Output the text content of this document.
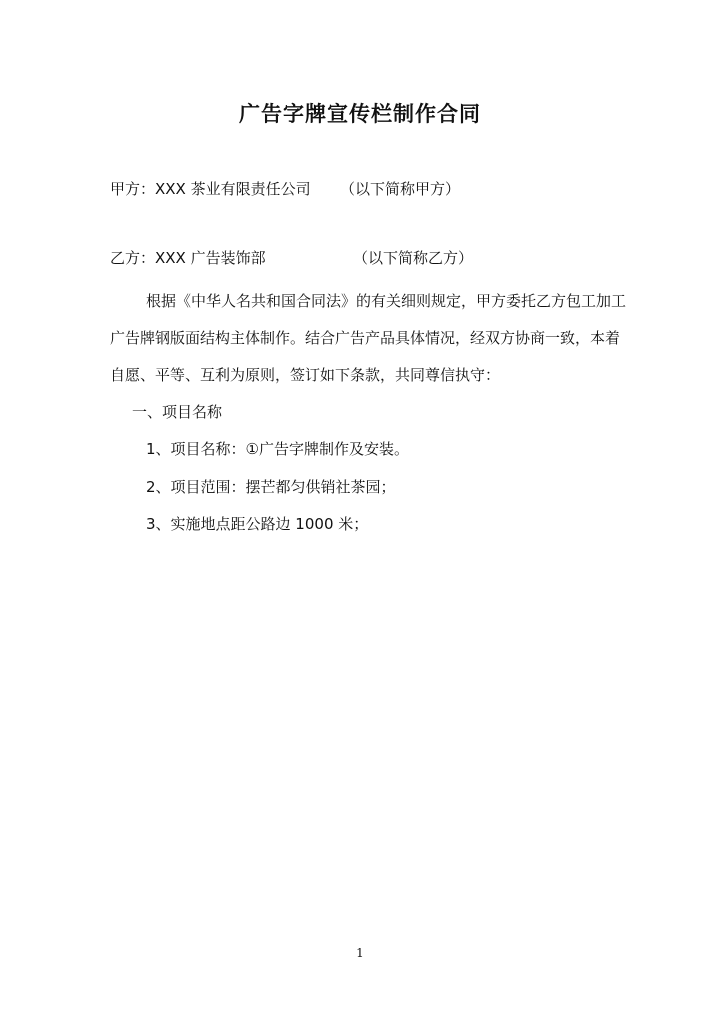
广告字牌宣传栏制作合同
甲方：XXX 茶业有限责任公司 （以下简称甲方）
乙方：XXX 广告装饰部	（以下简称乙方）
根据《中华人名共和国合同法》的有关细则规定，甲方委托乙方包工加工
广告牌钢版面结构主体制作。结合广告产品具体情况，经双方协商一致，本着
自愿、平等、互利为原则，签订如下条款，共同尊信执守：
一、项目名称
1、项目名称：①广告字牌制作及安装。
2、项目范围：摆芒都匀供销社茶园；
3、实施地点距公路边 1000 米；
1
